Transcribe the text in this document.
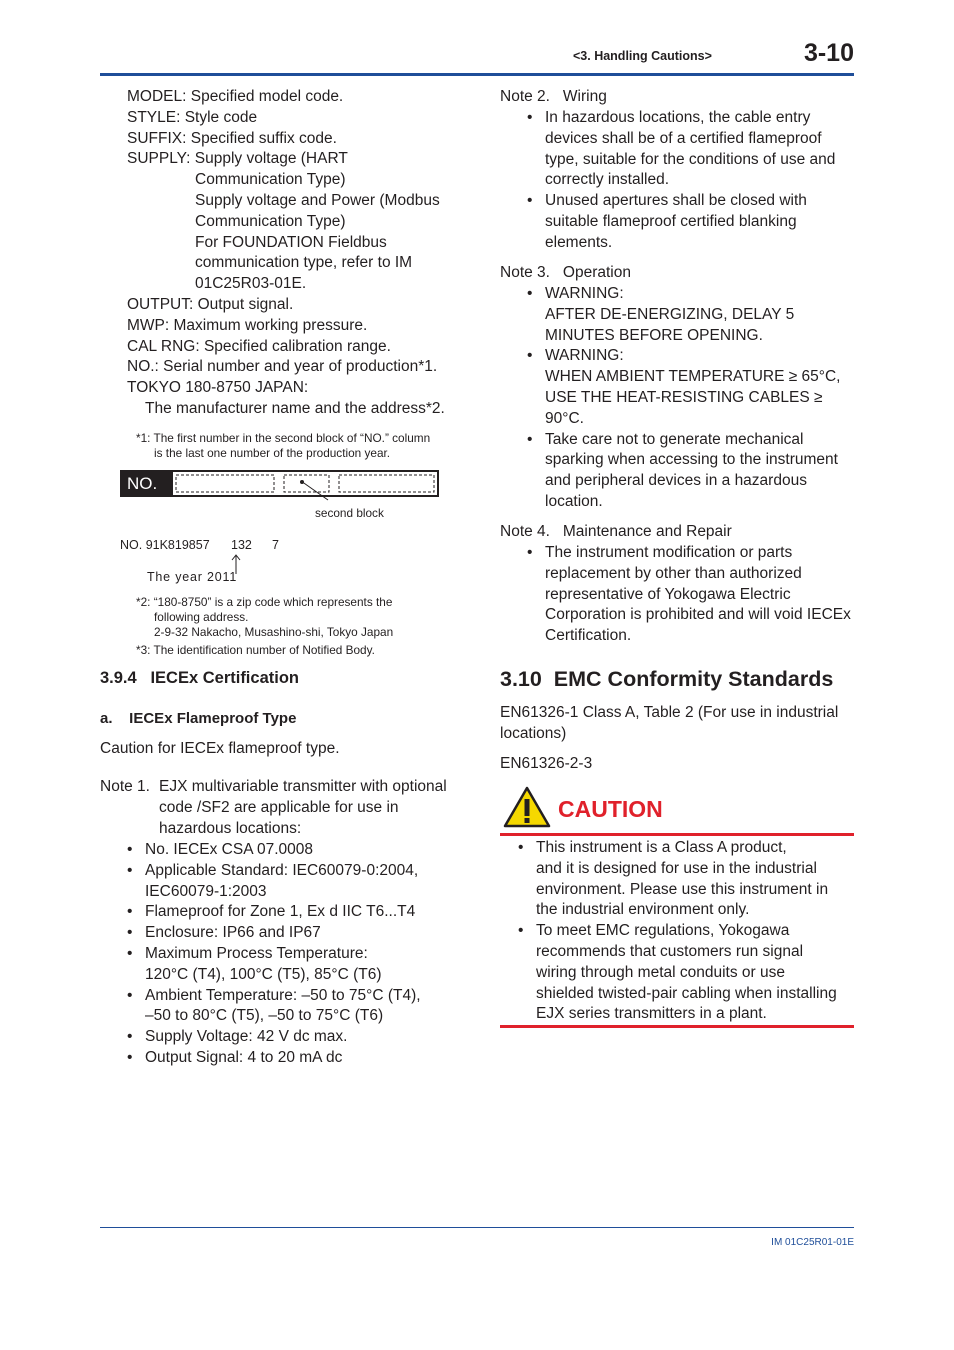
<3. Handling Cautions>	3-10
MODEL: Specified model code.
STYLE: Style code
SUFFIX: Specified suffix code.
SUPPLY: Supply voltage (HART
Communication Type)
Supply voltage and Power (Modbus
Communication Type)
For FOUNDATION Fieldbus
communication type, refer to IM
01C25R03-01E.
OUTPUT: Output signal.
MWP: Maximum working pressure.
CAL RNG: Specified calibration range.
NO.: Serial number and year of production*1.
TOKYO 180-8750 JAPAN:
The manufacturer name and the address*2.
*1: The first number in the second block of “NO.” column
is the last one number of the production year.
NO.
second block
NO. 91K819857 132 7
The year 2011
*2: “180-8750” is a zip code which represents the
following address.
2-9-32 Nakacho, Musashino-shi, Tokyo Japan
*3: The identification number of Notified Body.
3.9.4   IECEx Certification
a.    IECEx Flameproof Type
Caution for IECEx flameproof type.
Note 1. EJX multivariable transmitter with optional
code /SF2 are applicable for use in
hazardous locations:
• No. IECEx CSA 07.0008
• Applicable Standard: IEC60079-0:2004,
IEC60079-1:2003
• Flameproof for Zone 1, Ex d IIC T6...T4
• Enclosure: IP66 and IP67
• Maximum Process Temperature:
120°C (T4), 100°C (T5), 85°C (T6)
• Ambient Temperature: –50 to 75°C (T4),
–50 to 80°C (T5), –50 to 75°C (T6)
• Supply Voltage: 42 V dc max.
• Output Signal: 4 to 20 mA dc
Note 2.   Wiring
• In hazardous locations, the cable entry
devices shall be of a certified flameproof
type, suitable for the conditions of use and
correctly installed.
• Unused apertures shall be closed with
suitable flameproof certified blanking
elements.
Note 3.   Operation
• WARNING:
AFTER DE-ENERGIZING, DELAY 5
MINUTES BEFORE OPENING.
• WARNING:
WHEN AMBIENT TEMPERATURE ≥ 65°C,
USE THE HEAT-RESISTING CABLES ≥
90°C.
• Take care not to generate mechanical
sparking when accessing to the instrument
and peripheral devices in a hazardous
location.
Note 4.   Maintenance and Repair
• The instrument modification or parts
replacement by other than authorized
representative of Yokogawa Electric
Corporation is prohibited and will void IECEx
Certification.
3.10  EMC Conformity Standards
EN61326-1 Class A, Table 2 (For use in industrial
locations)
EN61326-2-3
CAUTION
• This instrument is a Class A product,
and it is designed for use in the industrial
environment. Please use this instrument in
the industrial environment only.
• To meet EMC regulations, Yokogawa
recommends that customers run signal
wiring through metal conduits or use
shielded twisted-pair cabling when installing
EJX series transmitters in a plant.
IM 01C25R01-01E
